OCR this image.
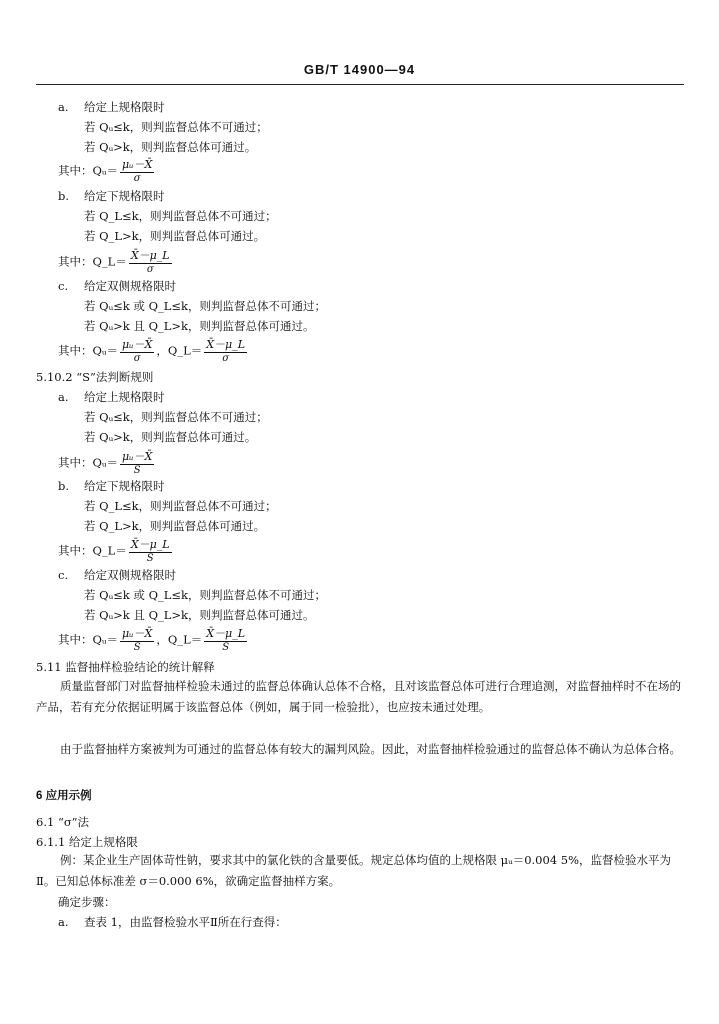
GB/T 14900—94
a. 给定上规格限时
若 Qᵤ≤k，则判监督总体不可通过；
若 Qᵤ>k，则判监督总体可通过。
其中：Qᵤ＝ $\frac{\text{μᵤ－X̄}}{\sigma}$
b. 给定下规格限时
若 Q_L≤k，则判监督总体不可通过；
若 Q_L>k，则判监督总体可通过。
其中：Q_L＝ $\frac{X̄-\mu\_L}{\sigma}$
c. 给定双侧规格限时
若 Qᵤ≤k 或 Q_L≤k，则判监督总体不可通过；
若 Qᵤ>k 且 Q_L>k，则判监督总体可通过。
其中：Qᵤ＝ $\frac{\text{μᵤ－X̄}}{\sigma}$ ，Q_L＝ $\frac{X̄-\mu\_L}{\sigma}$
5.10.2 “S”法判断规则
a. 给定上规格限时
若 Qᵤ≤k，则判监督总体不可通过；
若 Qᵤ>k，则判监督总体可通过。
其中：Qᵤ＝ $\frac{\text{μᵤ－X̄}}{S}$
b. 给定下规格限时
若 Q_L≤k，则判监督总体不可通过；
若 Q_L>k，则判监督总体可通过。
其中：Q_L＝ $\frac{X̄-\mu\_L}{S}$
c. 给定双侧规格限时
若 Qᵤ≤k 或 Q_L≤k，则判监督总体不可通过；
若 Qᵤ>k 且 Q_L>k，则判监督总体可通过。
其中：Qᵤ＝ $\frac{\text{μᵤ－X̄}}{S}$ ，Q_L＝ $\frac{X̄-\mu\_L}{S}$
5.11 监督抽样检验结论的统计解释
质量监督部门对监督抽样检验未通过的监督总体确认总体不合格，且对该监督总体可进行合理追测，对监督抽样时不在场的产品，若有充分依据证明属于该监督总体（例如，属于同一检验批），也应按未通过处理。
由于监督抽样方案被判为可通过的监督总体有较大的漏判风险。因此，对监督抽样检验通过的监督总体不确认为总体合格。
6 应用示例
6.1 “σ”法
6.1.1 给定上规格限
例：某企业生产固体苛性钠，要求其中的氯化铁的含量要低。规定总体均值的上规格限 μᵤ＝0.004 5%，监督检验水平为Ⅱ。已知总体标准差 σ＝0.000 6%，欲确定监督抽样方案。
确定步骤：
a. 查表 1，由监督检验水平Ⅱ所在行查得：
